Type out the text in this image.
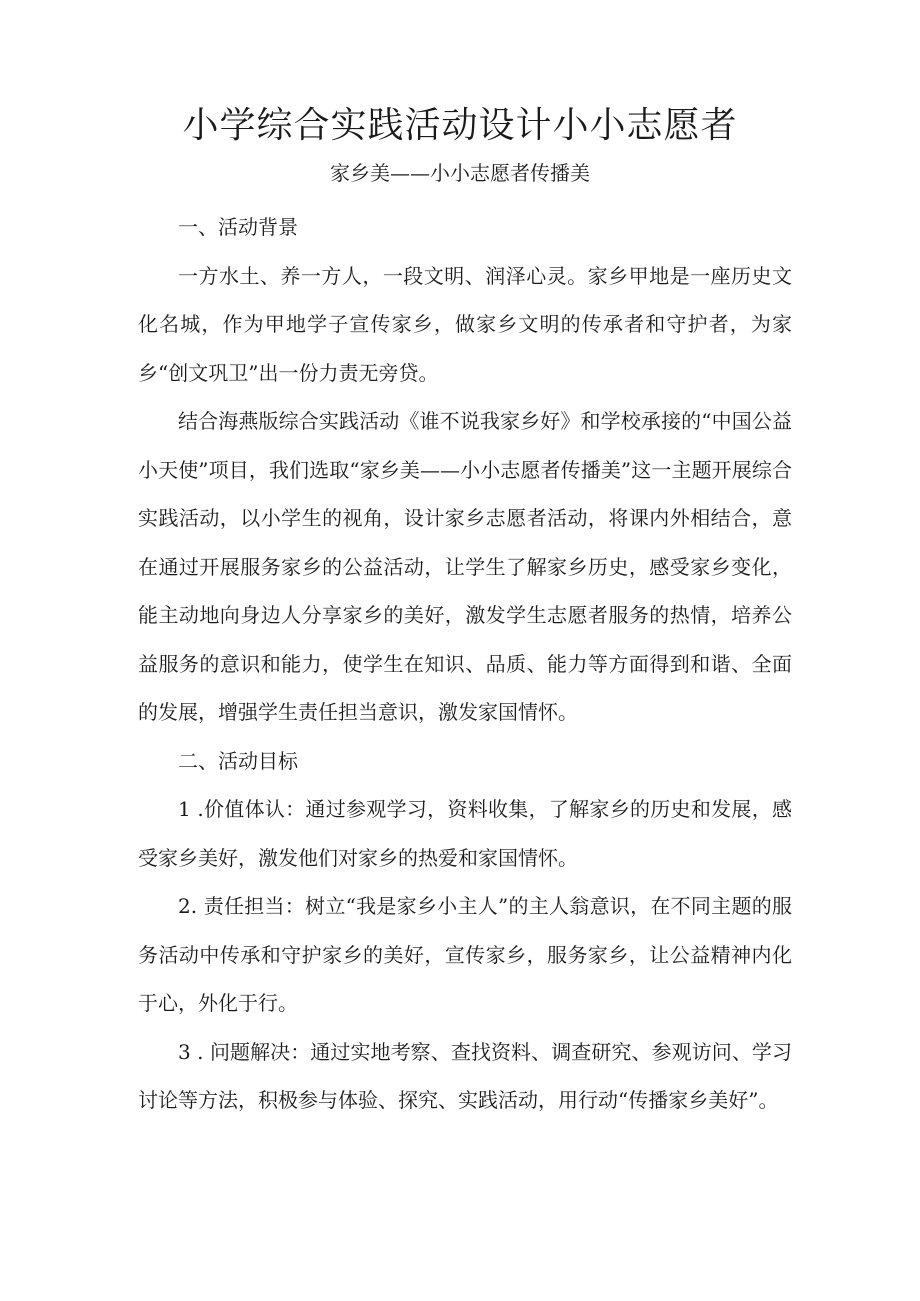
小学综合实践活动设计小小志愿者
家乡美——小小志愿者传播美

一、活动背景

一方水土、养一方人，一段文明、润泽心灵。家乡甲地是一座历史文化名城，作为甲地学子宣传家乡，做家乡文明的传承者和守护者，为家乡“创文巩卫”出一份力责无旁贷。

结合海燕版综合实践活动《谁不说我家乡好》和学校承接的“中国公益小天使”项目，我们选取“家乡美——小小志愿者传播美”这一主题开展综合实践活动，以小学生的视角，设计家乡志愿者活动，将课内外相结合，意在通过开展服务家乡的公益活动，让学生了解家乡历史，感受家乡变化，能主动地向身边人分享家乡的美好，激发学生志愿者服务的热情，培养公益服务的意识和能力，使学生在知识、品质、能力等方面得到和谐、全面的发展，增强学生责任担当意识，激发家国情怀。

二、活动目标

1 .价值体认：通过参观学习，资料收集，了解家乡的历史和发展，感受家乡美好，激发他们对家乡的热爱和家国情怀。

2. 责任担当：树立“我是家乡小主人”的主人翁意识，在不同主题的服务活动中传承和守护家乡的美好，宣传家乡，服务家乡，让公益精神内化于心，外化于行。

3 . 问题解决：通过实地考察、查找资料、调查研究、参观访问、学习讨论等方法，积极参与体验、探究、实践活动，用行动“传播家乡美好”。
